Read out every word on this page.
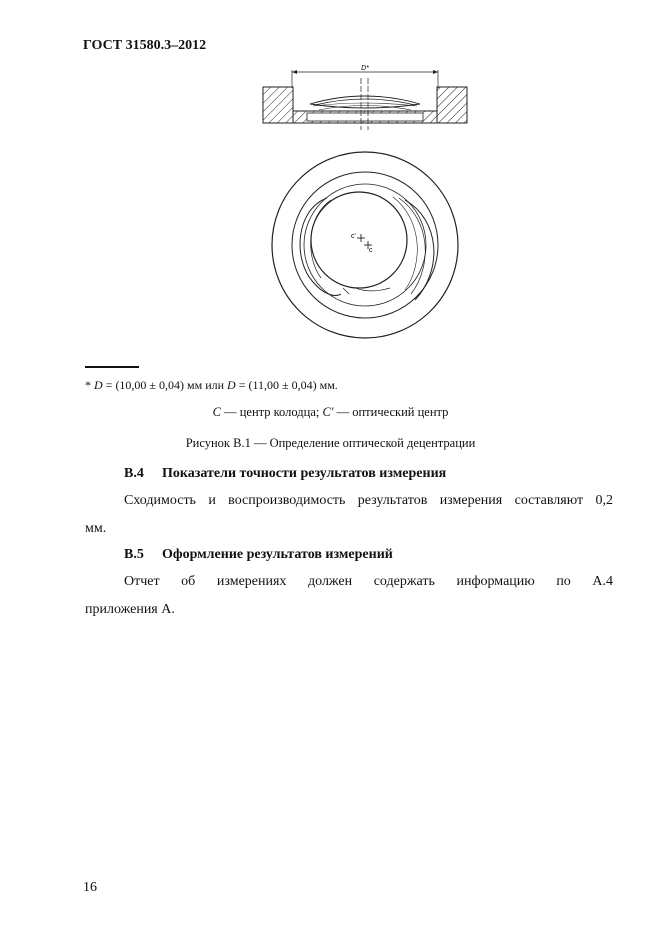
ГОСТ 31580.3–2012
D*
c'
c
* D = (10,00 ± 0,04) мм или D = (11,00 ± 0,04) мм.
C — центр колодца; C' — оптический центр
Рисунок В.1 — Определение оптической децентрации
В.4 Показатели точности результатов измерения
Сходимость и воспроизводимость результатов измерения составляют 0,2
мм.
В.5 Оформление результатов измерений
Отчет об измерениях должен содержать информацию по А.4
приложения А.
16
